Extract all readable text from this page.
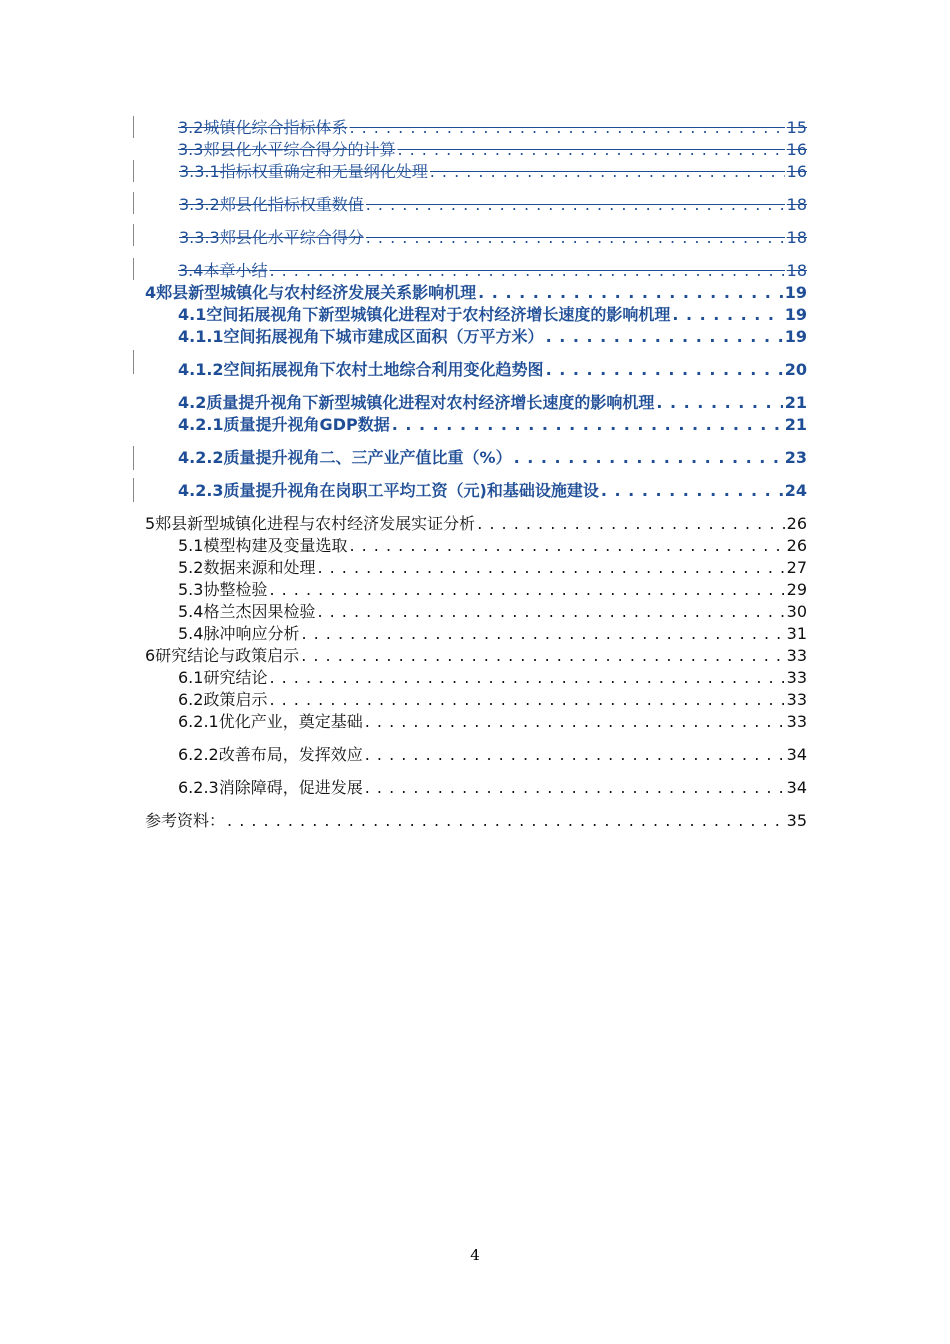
3.2城镇化综合指标体系 . . .	15
3.3郏县化水平综合得分的计算 . . .	16
3.3.1指标权重确定和无量纲化处理 . . .	16
3.3.2郏县化指标权重数值 . . .	18
3.3.3郏县化水平综合得分 . . .	18
3.4本章小结 . . .	18
4郏县新型城镇化与农村经济发展关系影响机理 . . .	19
4.1空间拓展视角下新型城镇化进程对于农村经济增长速度的影响机理 . . .	19
4.1.1空间拓展视角下城市建成区面积（万平方米） . . .	19
4.1.2空间拓展视角下农村土地综合利用变化趋势图 . . .	20
4.2质量提升视角下新型城镇化进程对农村经济增长速度的影响机理 . . .	21
4.2.1质量提升视角GDP数据 . . .	21
4.2.2质量提升视角二、三产业产值比重（%） . . .	23
4.2.3质量提升视角在岗职工平均工资（元)和基础设施建设 . . .	24
5郏县新型城镇化进程与农村经济发展实证分析 . . .	26
5.1模型构建及变量选取 . . .	26
5.2数据来源和处理 . . .	27
5.3协整检验 . . .	29
5.4格兰杰因果检验 . . .	30
5.4脉冲响应分析 . . .	31
6研究结论与政策启示 . . .	33
6.1研究结论 . . .	33
6.2政策启示 . . .	33
6.2.1优化产业，奠定基础 . . .	33
6.2.2改善布局，发挥效应 . . .	34
6.2.3消除障碍，促进发展 . . .	34
参考资料： . . .	35
4
